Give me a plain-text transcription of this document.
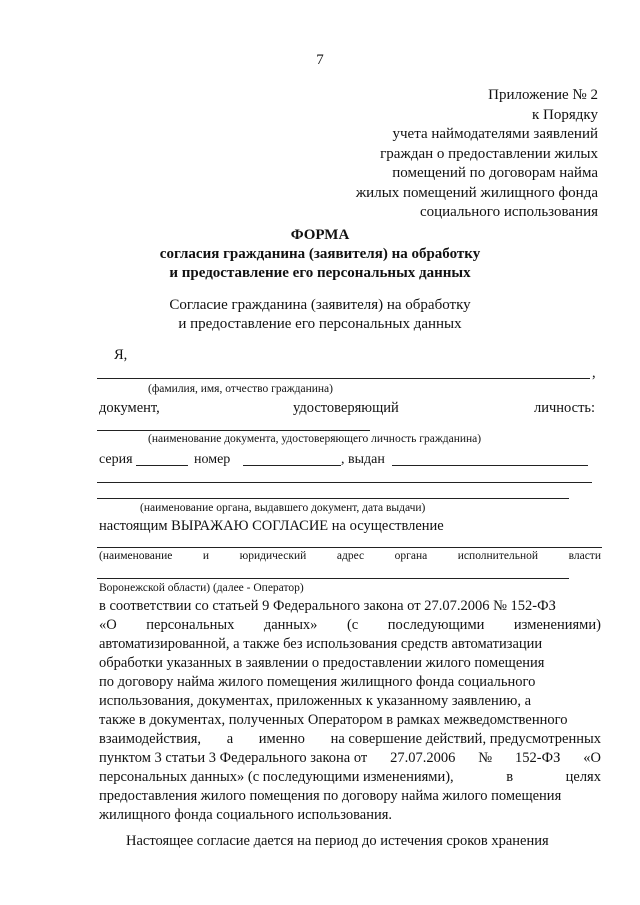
7
Приложение № 2
к Порядку
учета наймодателями заявлений
граждан о предоставлении жилых
помещений по договорам найма
жилых помещений жилищного фонда
социального использования
ФОРМА
согласия гражданина (заявителя) на обработку
и предоставление его персональных данных
Согласие гражданина (заявителя) на обработку
и предоставление его персональных данных
Я,
,
(фамилия, имя, отчество гражданина)
документ,	удостоверяющий	личность:
(наименование документа, удостоверяющего личность гражданина)
серия	номер	, выдан
(наименование органа, выдавшего документ, дата выдачи)
настоящим ВЫРАЖАЮ СОГЛАСИЕ на осуществление
(наименование	и	юридический	адрес	органа	исполнительной	власти
Воронежской области) (далее - Оператор)
в соответствии со статьей 9 Федерального закона от 27.07.2006 № 152-ФЗ
«О персональных данных» (с последующими изменениями)
автоматизированной, а также без использования средств автоматизации
обработки указанных в заявлении о предоставлении жилого помещения
по договору найма жилого помещения жилищного фонда социального
использования, документах, приложенных к указанному заявлению, а
также в документах, полученных Оператором в рамках межведомственного
взаимодействия, а именно на совершение действий, предусмотренных
пунктом 3 статьи 3 Федерального закона от 27.07.2006 № 152-ФЗ «О
персональных данных» (с последующими изменениями),	в	целях
предоставления жилого помещения по договору найма жилого помещения
жилищного фонда социального использования.
Настоящее согласие дается на период до истечения сроков хранения
